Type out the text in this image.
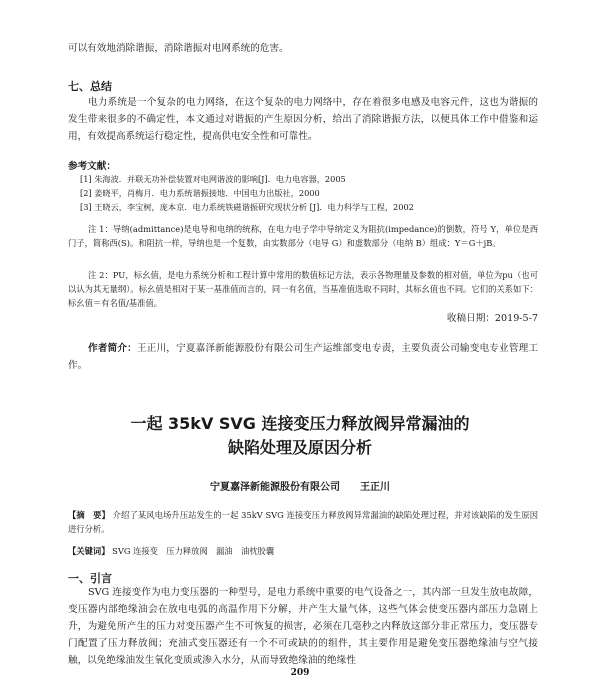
可以有效地消除谐振，消除谐振对电网系统的危害。

七、总结

电力系统是一个复杂的电力网络，在这个复杂的电力网络中，存在着很多电感及电容元件，这也为谐振的发生带来很多的不确定性，本文通过对谐振的产生原因分析，给出了消除谐振方法，以便具体工作中借鉴和运用，有效提高系统运行稳定性，提高供电安全性和可靠性。

参考文献：

[1] 朱海波．并联无功补偿装置对电网谐波的影响[J]．电力电容器，2005

[2] 姜晓平，肖梅月．电力系统谐振接地．中国电力出版社，2000

[3] 王晓云，李宝树，庞本京．电力系统铁磁谐振研究现状分析 [J]．电力科学与工程，2002

注 1：导纳(admittance)是电导和电纳的统称，在电力电子学中导纳定义为阻抗(impedance)的倒数，符号 Y，单位是西门子，简称西(S)。和阻抗一样，导纳也是一个复数，由实数部分（电导 G）和虚数部分（电纳 B）组成：Y＝G＋jB。

注 2：PU，标幺值，是电力系统分析和工程计算中常用的数值标记方法，表示各物理量及参数的相对值，单位为pu（也可以认为其无量纲）。标幺值是相对于某一基准值而言的，同一有名值，当基准值选取不同时，其标幺值也不同。它们的关系如下：标幺值＝有名值/基准值。

收稿日期：2019-5-7

作者简介：王正川，宁夏嘉泽新能源股份有限公司生产运维部变电专责，主要负责公司输变电专业管理工作。

一起 35kV SVG 连接变压力释放阀异常漏油的

缺陷处理及原因分析

宁夏嘉泽新能源股份有限公司　　王正川

【摘　要】 介绍了某风电场升压站发生的一起 35kV SVG 连接变压力释放阀异常漏油的缺陷处理过程，并对该缺陷的发生原因进行分析。

【关键词】 SVG 连接变　压力释放阀　漏油　油枕胶囊

一、引言

SVG 连接变作为电力变压器的一种型号，是电力系统中重要的电气设备之一，其内部一旦发生放电故障，变压器内部绝缘油会在放电电弧的高温作用下分解，并产生大量气体，这些气体会使变压器内部压力急剧上升，为避免所产生的压力对变压器产生不可恢复的损害，必须在几毫秒之内释放这部分非正常压力，变压器专门配置了压力释放阀；充油式变压器还有一个不可或缺的的组件，其主要作用是避免变压器绝缘油与空气接触，以免绝缘油发生氧化变质或渗入水分，从而导致绝缘油的绝缘性

209
